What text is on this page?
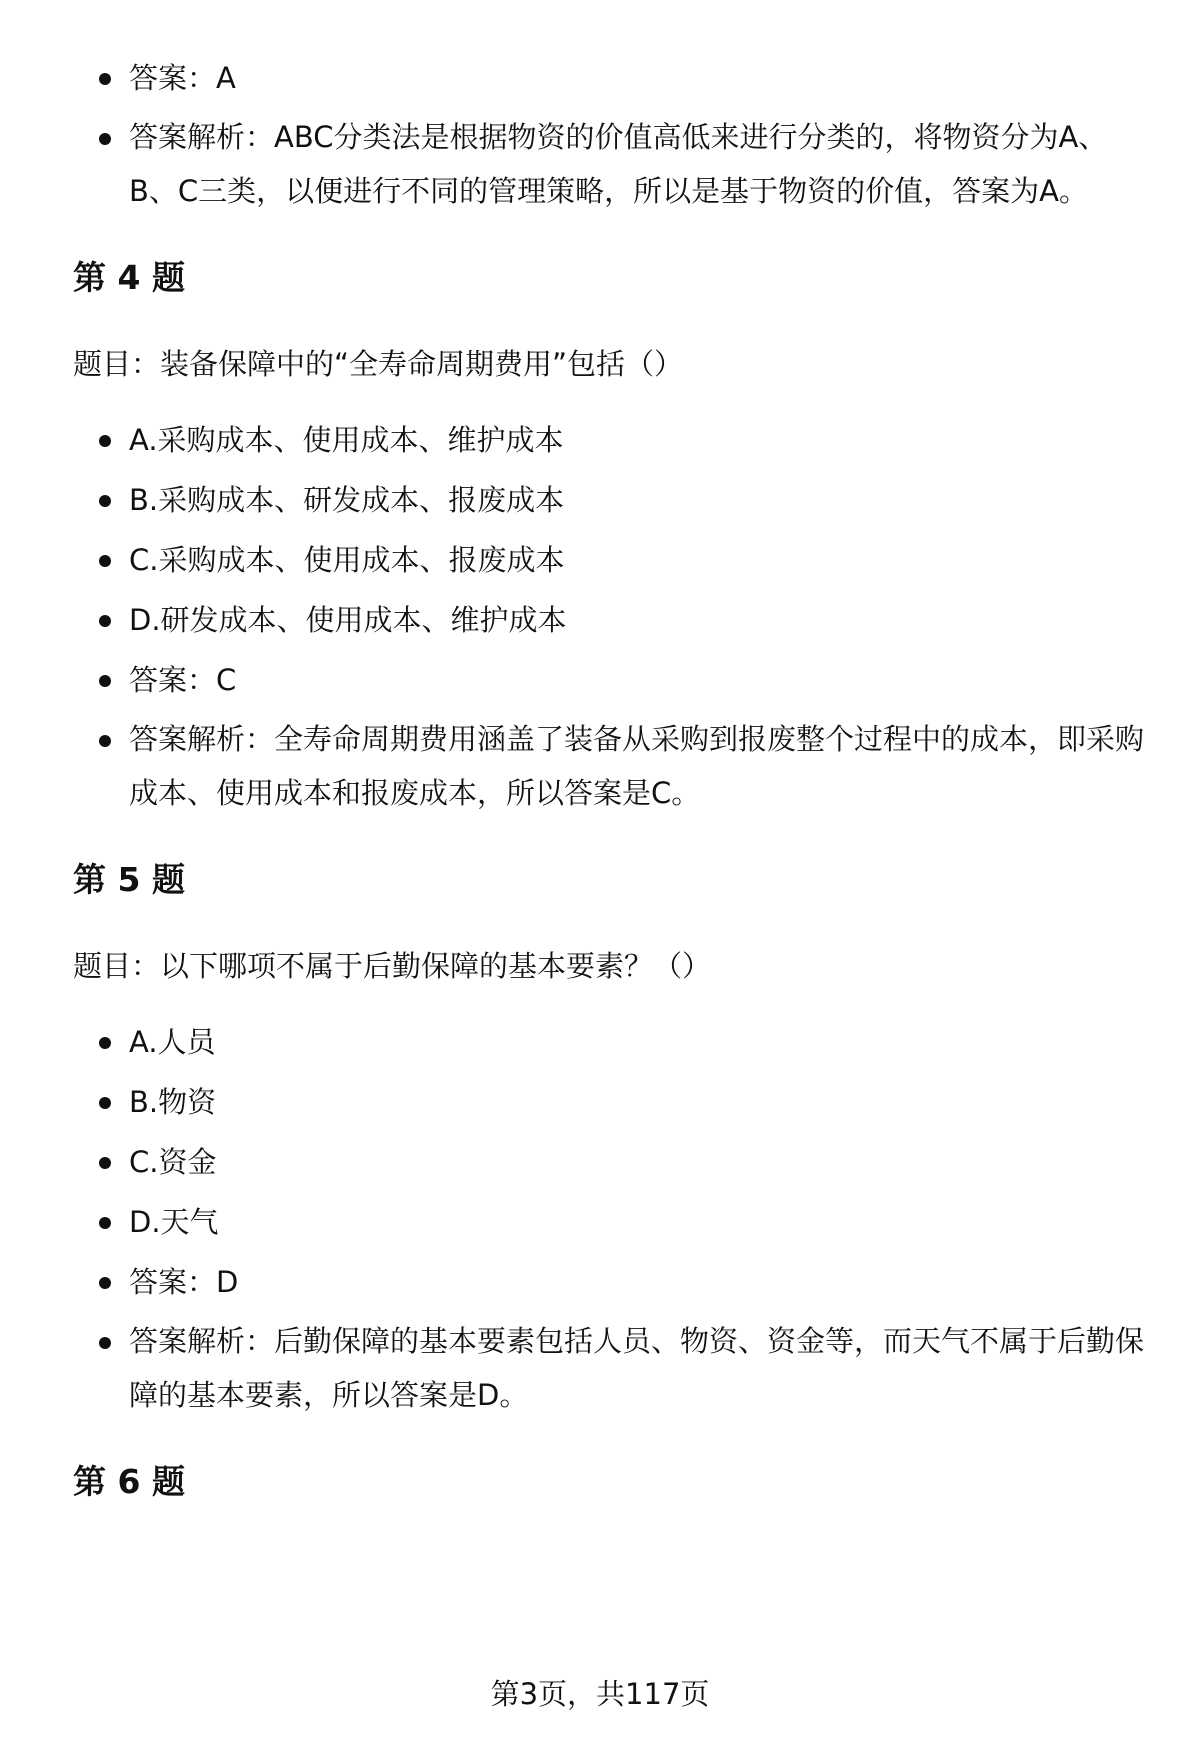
答案：A
答案解析：ABC分类法是根据物资的价值高低来进行分类的，将物资分为A、B、C三类，以便进行不同的管理策略，所以是基于物资的价值，答案为A。
第 4 题

题目：装备保障中的“全寿命周期费用”包括（）

A.采购成本、使用成本、维护成本
B.采购成本、研发成本、报废成本
C.采购成本、使用成本、报废成本
D.研发成本、使用成本、维护成本
答案：C
答案解析：全寿命周期费用涵盖了装备从采购到报废整个过程中的成本，即采购成本、使用成本和报废成本，所以答案是C。
第 5 题

题目：以下哪项不属于后勤保障的基本要素？（）

A.人员
B.物资
C.资金
D.天气
答案：D
答案解析：后勤保障的基本要素包括人员、物资、资金等，而天气不属于后勤保障的基本要素，所以答案是D。
第 6 题
第3页，共117页
